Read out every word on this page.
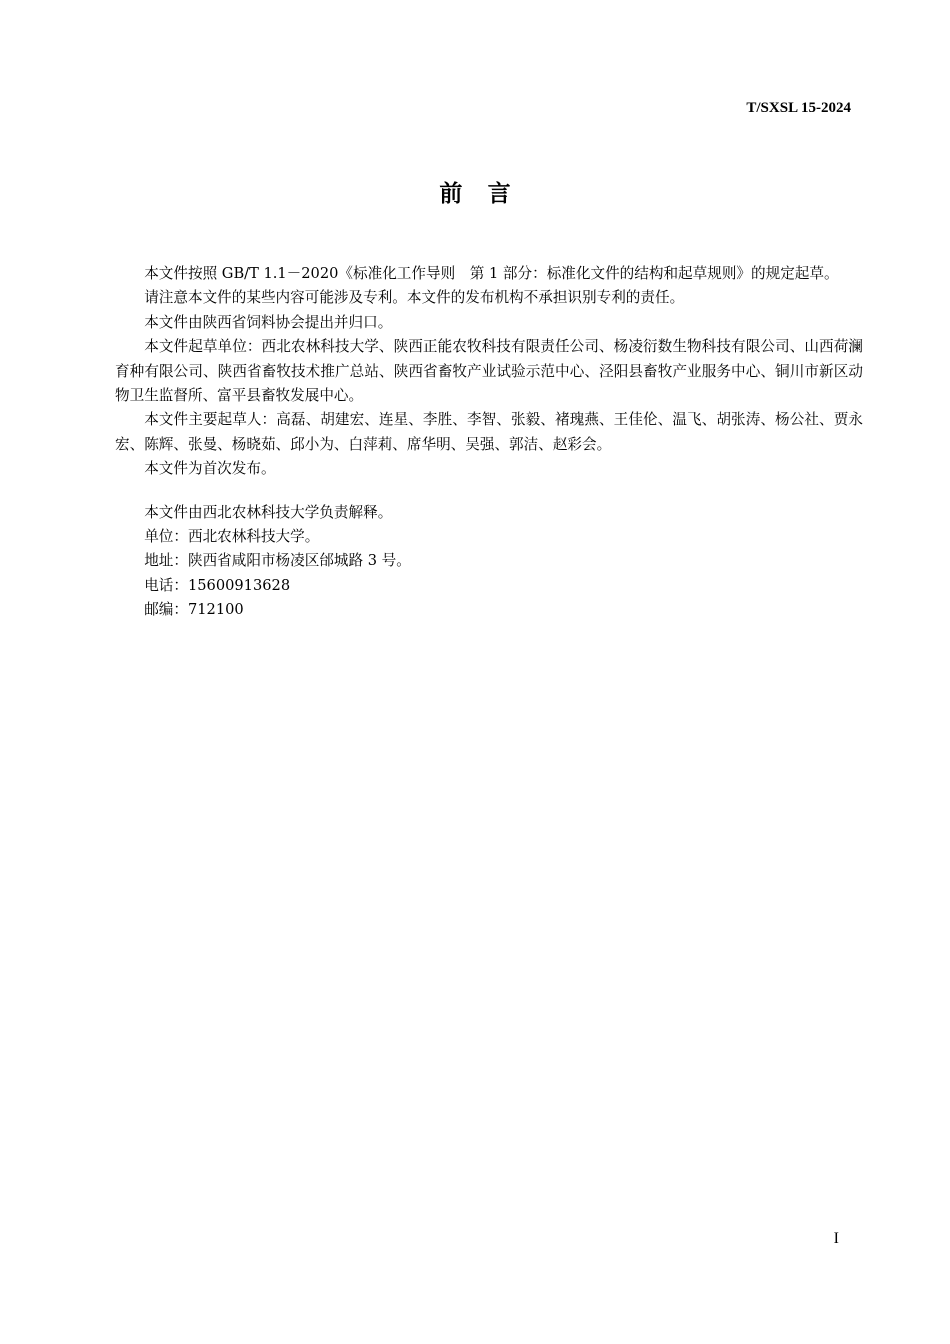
T/SXSL 15-2024
前 言

本文件按照 GB/T 1.1－2020《标准化工作导则　第 1 部分：标准化文件的结构和起草规则》的规定起草。

请注意本文件的某些内容可能涉及专利。本文件的发布机构不承担识别专利的责任。

本文件由陕西省饲料协会提出并归口。

本文件起草单位：西北农林科技大学、陕西正能农牧科技有限责任公司、杨凌衍数生物科技有限公司、山西荷澜育种有限公司、陕西省畜牧技术推广总站、陕西省畜牧产业试验示范中心、泾阳县畜牧产业服务中心、铜川市新区动物卫生监督所、富平县畜牧发展中心。

本文件主要起草人：高磊、胡建宏、连星、李胜、李智、张毅、褚瑰燕、王佳伦、温飞、胡张涛、杨公社、贾永宏、陈辉、张曼、杨晓茹、邱小为、白萍莉、席华明、吴强、郭洁、赵彩会。

本文件为首次发布。

本文件由西北农林科技大学负责解释。

单位：西北农林科技大学。

地址：陕西省咸阳市杨凌区邰城路 3 号。

电话：15600913628

邮编：712100

I
